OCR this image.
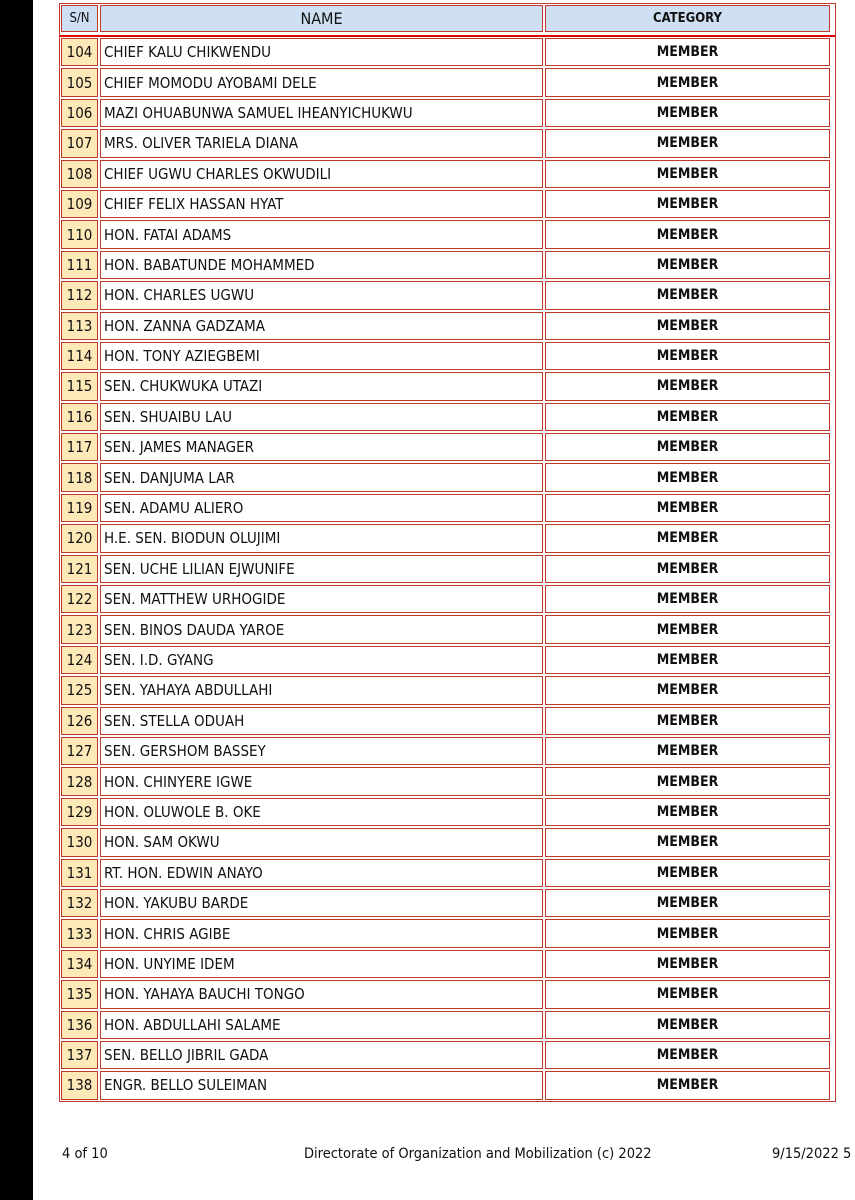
S/N	NAME	CATEGORY
104 CHIEF KALU CHIKWENDU	MEMBER
105 CHIEF MOMODU AYOBAMI DELE	MEMBER
106 MAZI OHUABUNWA SAMUEL IHEANYICHUKWU	MEMBER
107 MRS. OLIVER TARIELA DIANA	MEMBER
108 CHIEF UGWU CHARLES OKWUDILI	MEMBER
109 CHIEF FELIX HASSAN HYAT	MEMBER
110 HON. FATAI ADAMS	MEMBER
111 HON. BABATUNDE MOHAMMED	MEMBER
112 HON. CHARLES UGWU	MEMBER
113 HON. ZANNA GADZAMA	MEMBER
114 HON. TONY AZIEGBEMI	MEMBER
115 SEN. CHUKWUKA UTAZI	MEMBER
116 SEN. SHUAIBU LAU	MEMBER
117 SEN. JAMES MANAGER	MEMBER
118 SEN. DANJUMA LAR	MEMBER
119 SEN. ADAMU ALIERO	MEMBER
120 H.E. SEN. BIODUN OLUJIMI	MEMBER
121 SEN. UCHE LILIAN EJWUNIFE	MEMBER
122 SEN. MATTHEW URHOGIDE	MEMBER
123 SEN. BINOS DAUDA YAROE	MEMBER
124 SEN. I.D. GYANG	MEMBER
125 SEN. YAHAYA ABDULLAHI	MEMBER
126 SEN. STELLA ODUAH	MEMBER
127 SEN. GERSHOM BASSEY	MEMBER
128 HON. CHINYERE IGWE	MEMBER
129 HON. OLUWOLE B. OKE	MEMBER
130 HON. SAM OKWU	MEMBER
131 RT. HON. EDWIN ANAYO	MEMBER
132 HON. YAKUBU BARDE	MEMBER
133 HON. CHRIS AGIBE	MEMBER
134 HON. UNYIME IDEM	MEMBER
135 HON. YAHAYA BAUCHI TONGO	MEMBER
136 HON. ABDULLAHI SALAME	MEMBER
137 SEN. BELLO JIBRIL GADA	MEMBER
138 ENGR. BELLO SULEIMAN	MEMBER
4 of 10	Directorate of Organization and Mobilization (c) 2022	9/15/2022 5
